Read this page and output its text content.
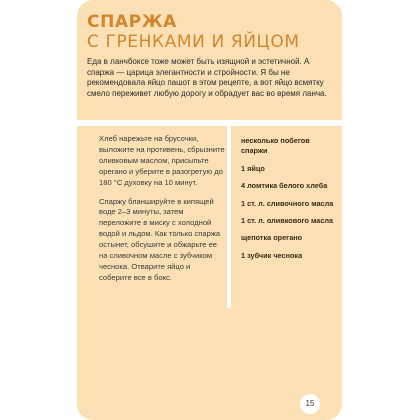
СПАРЖА
С ГРЕНКАМИ И ЯЙЦОМ

Еда в ланчбоксе тоже может быть изящной и эстетичной. А спаржа — царица элегантности и стройности. Я бы не рекомендовала яйцо пашот в этом рецепте, а вот яйцо всмятку смело переживет любую дорогу и обрадует вас во время ланча.

Хлеб нарежьте на брусочки, выложите на противень, сбрызните оливковым маслом, присыпьте орегано и уберите в разогретую до 180 °C духовку на 10 минут.

Спаржу бланшируйте в кипящей воде 2–3 минуты, затем переложите в миску с холодной водой и льдом. Как только спаржа остынет, обсушите и обжарьте ее на сливочном масле с зубчиком чеснока. Отварите яйцо и соберите все в бокс.

несколько побегов спаржи
1 яйцо
4 ломтика белого хлеба
1 ст. л. сливочного масла
1 ст. л. оливкового масла
щепотка орегано
1 зубчик чеснока
15
